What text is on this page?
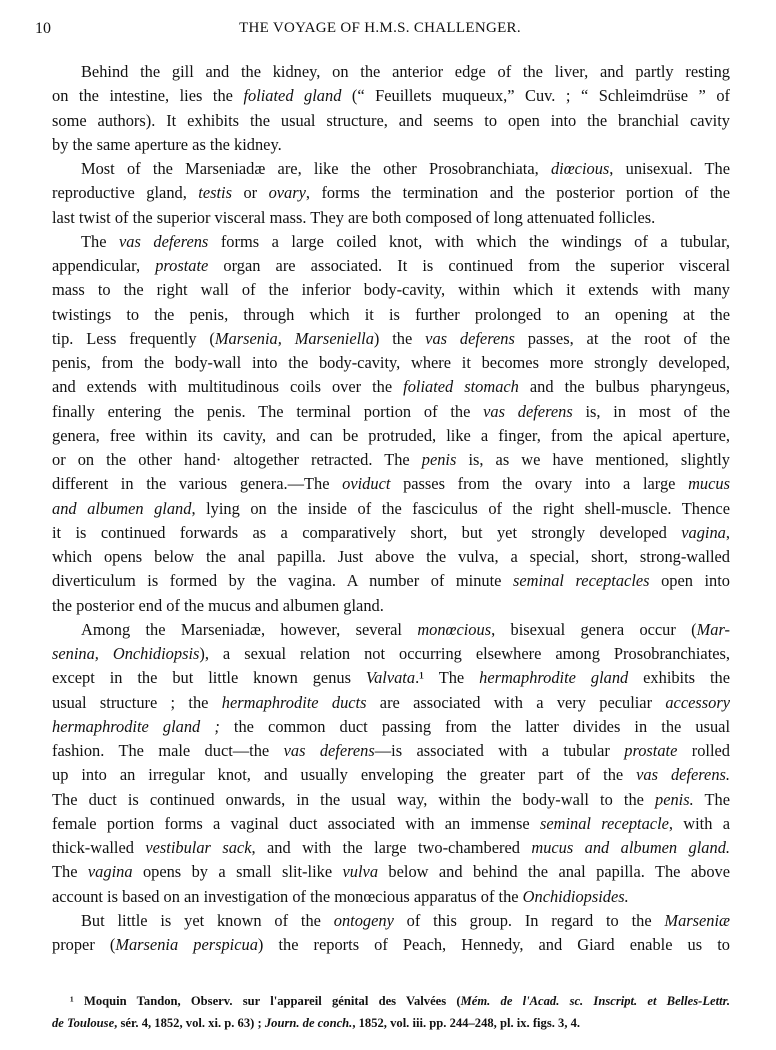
10	THE VOYAGE OF H.M.S. CHALLENGER.
Behind the gill and the kidney, on the anterior edge of the liver, and partly resting
on the intestine, lies the foliated gland (“ Feuillets muqueux,” Cuv. ; “ Schleimdrüse ” of
some authors). It exhibits the usual structure, and seems to open into the branchial cavity
by the same aperture as the kidney.
Most of the Marseniadæ are, like the other Prosobranchiata, diœcious, unisexual. The
reproductive gland, testis or ovary, forms the termination and the posterior portion of the
last twist of the superior visceral mass. They are both composed of long attenuated follicles.
The vas deferens forms a large coiled knot, with which the windings of a tubular,
appendicular, prostate organ are associated. It is continued from the superior visceral
mass to the right wall of the inferior body-cavity, within which it extends with many
twistings to the penis, through which it is further prolonged to an opening at the
tip. Less frequently (Marsenia, Marseniella) the vas deferens passes, at the root of the
penis, from the body-wall into the body-cavity, where it becomes more strongly developed,
and extends with multitudinous coils over the foliated stomach and the bulbus pharyngeus,
finally entering the penis. The terminal portion of the vas deferens is, in most of the
genera, free within its cavity, and can be protruded, like a finger, from the apical aperture,
or on the other hand· altogether retracted. The penis is, as we have mentioned, slightly
different in the various genera.—The oviduct passes from the ovary into a large mucus
and albumen gland, lying on the inside of the fasciculus of the right shell-muscle. Thence
it is continued forwards as a comparatively short, but yet strongly developed vagina,
which opens below the anal papilla. Just above the vulva, a special, short, strong-walled
diverticulum is formed by the vagina. A number of minute seminal receptacles open into
the posterior end of the mucus and albumen gland.
Among the Marseniadæ, however, several monœcious, bisexual genera occur (Mar-
senina, Onchidiopsis), a sexual relation not occurring elsewhere among Prosobranchiates,
except in the but little known genus Valvata.¹ The hermaphrodite gland exhibits the
usual structure ; the hermaphrodite ducts are associated with a very peculiar accessory
hermaphrodite gland ; the common duct passing from the latter divides in the usual
fashion. The male duct—the vas deferens—is associated with a tubular prostate rolled
up into an irregular knot, and usually enveloping the greater part of the vas deferens.
The duct is continued onwards, in the usual way, within the body-wall to the penis. The
female portion forms a vaginal duct associated with an immense seminal receptacle, with a
thick-walled vestibular sack, and with the large two-chambered mucus and albumen gland.
The vagina opens by a small slit-like vulva below and behind the anal papilla. The above
account is based on an investigation of the monœcious apparatus of the Onchidiopsides.
But little is yet known of the ontogeny of this group. In regard to the Marseniæ
proper (Marsenia perspicua) the reports of Peach, Hennedy, and Giard enable us to
¹ Moquin Tandon, Observ. sur l'appareil génital des Valvées (Mém. de l'Acad. sc. Inscript. et Belles-Lettr.
de Toulouse, sér. 4, 1852, vol. xi. p. 63) ; Journ. de conch., 1852, vol. iii. pp. 244–248, pl. ix. figs. 3, 4.
